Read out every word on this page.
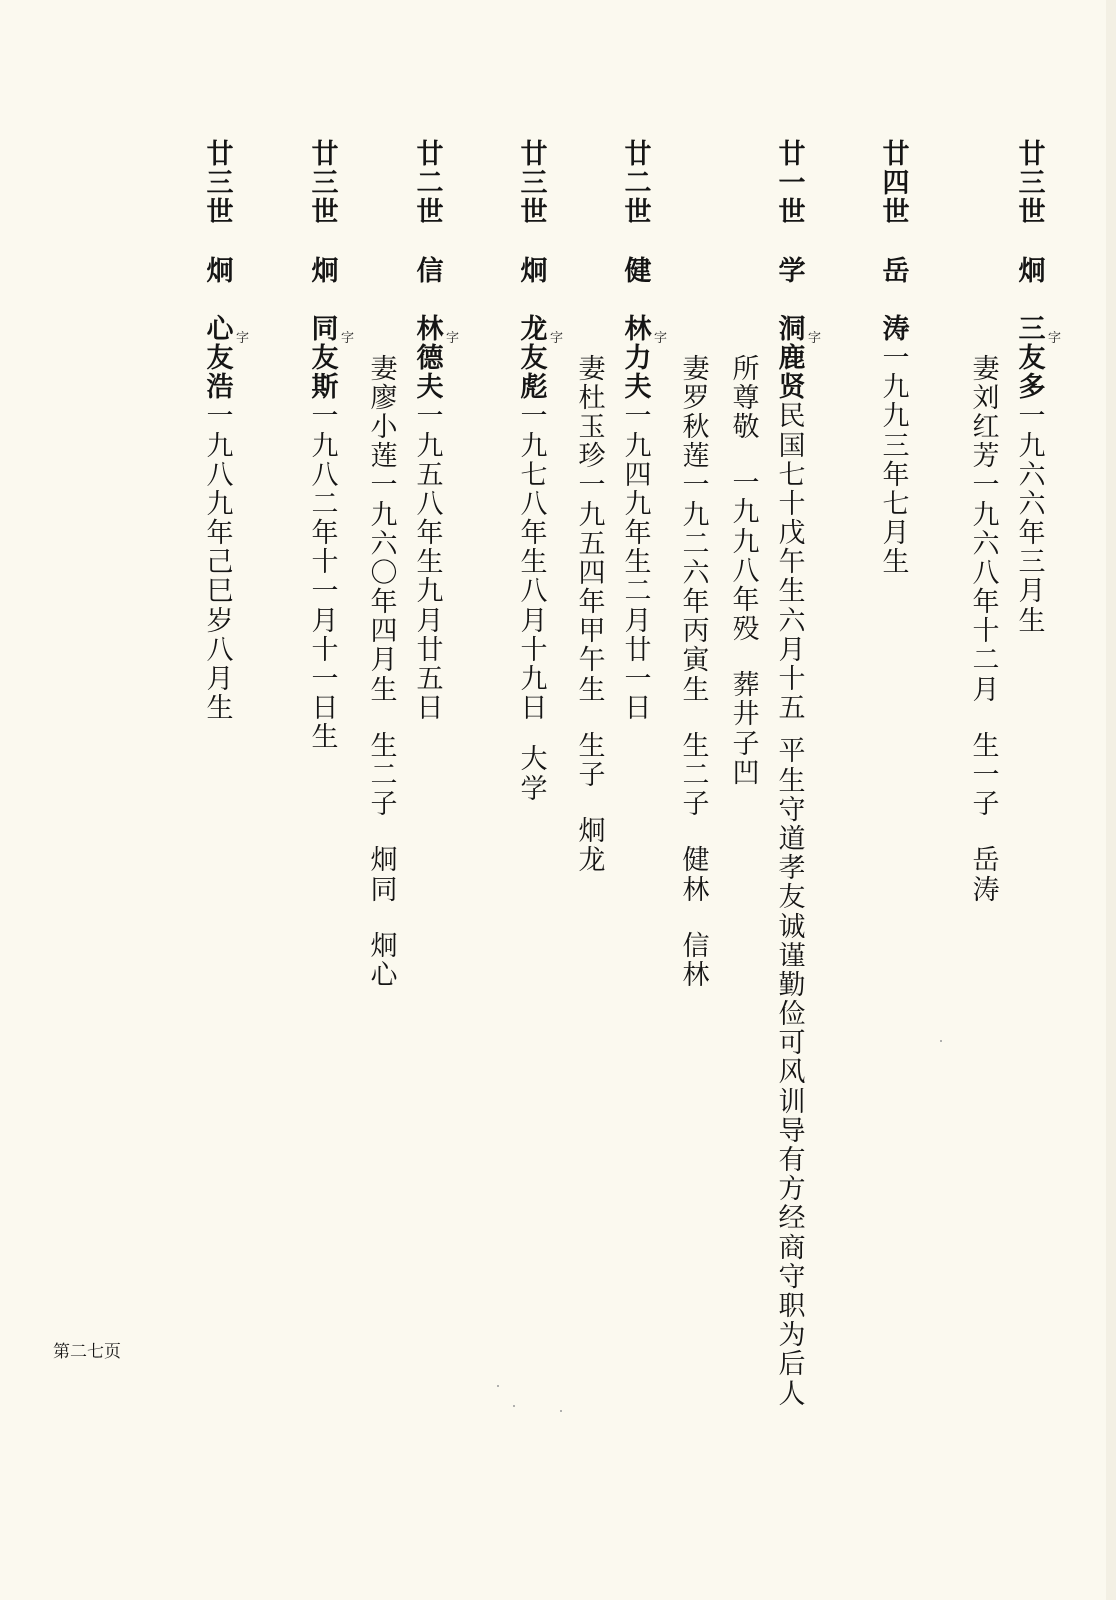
第二七页
廿
三
世
炯
三 字
友
多
一
九
六
六
年
三
月
生
妻
刘
红
芳
一
九
六
八
年
十
二
月
生
一
子
岳
涛
廿
四
世
岳
涛
一
九
九
三
年
七
月
生
廿
一
世
学
洞 字
鹿
贤
民
国
七
十
戊
午
生
六
月
十
五
平
生
守
道
孝
友
诚
谨
勤
俭
可
风
训
导
有
方
经
商
守
职
为
后
人
所
尊
敬
一
九
九
八
年
殁
葬
井
子
凹
妻
罗
秋
莲
一
九
二
六
年
丙
寅
生
生
二
子
健
林
信
林
廿
二
世
健
林 字
力
夫
一
九
四
九
年
生
二
月
廿
一
日
妻
杜
玉
珍
一
九
五
四
年
甲
午
生
生
子
炯
龙
廿
三
世
炯
龙 字
友
彪
一
九
七
八
年
生
八
月
十
九
日
大
学
廿
二
世
信
林 字
德
夫
一
九
五
八
年
生
九
月
廿
五
日
妻
廖
小
莲
一
九
六
〇
年
四
月
生
生
二
子
炯
同
炯
心
廿
三
世
炯
同 字
友
斯
一
九
八
二
年
十
一
月
十
一
日
生
廿
三
世
炯
心 字
友
浩
一
九
八
九
年
己
巳
岁
八
月
生
